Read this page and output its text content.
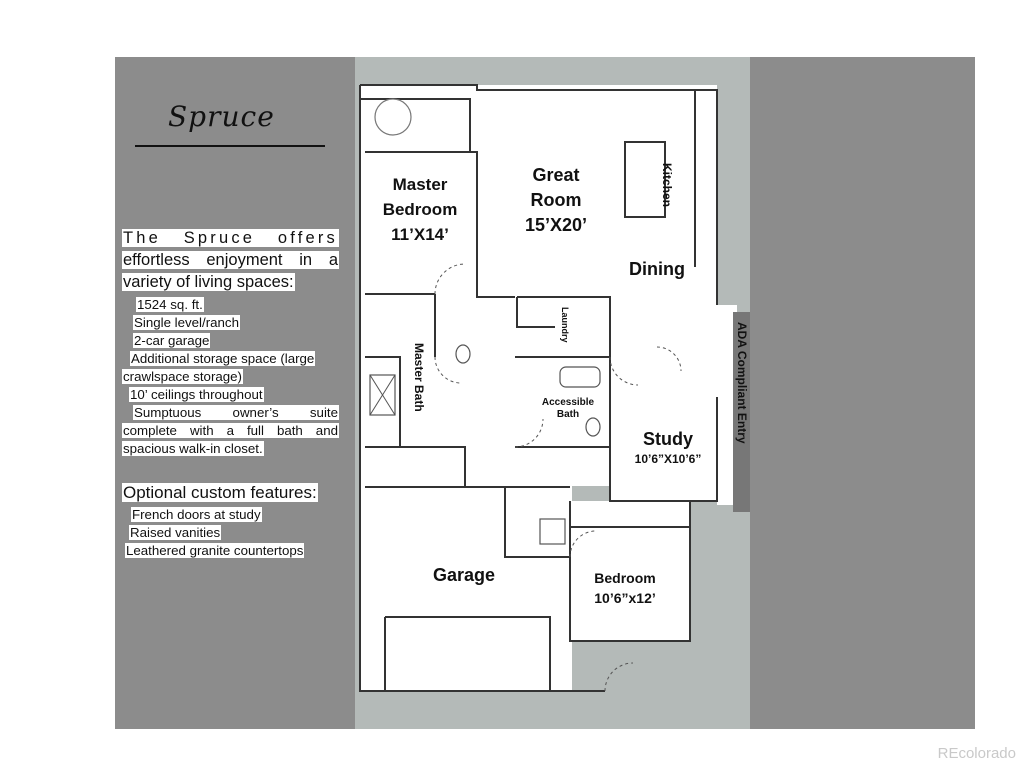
Spruce

The Spruce offers

effortless enjoyment in a

variety of living spaces:

1524 sq. ft.

Single level/ranch

2-car garage

Additional storage space (large

crawlspace storage)

10’ ceilings throughout

Sumptuous owner’s suite

complete with a full bath and

spacious walk-in closet.

Optional custom features:

French doors at study

Raised vanities

Leathered granite countertops

Master
Bedroom
11’X14’
Great
Room
15’X20’
Kitchen
Dining
Laundry
Master Bath	Accessible
Bath
Study
10’6”X10’6”
ADA Compliant Entry
Garage	Bedroom
10’6”x12’
REcolorado
